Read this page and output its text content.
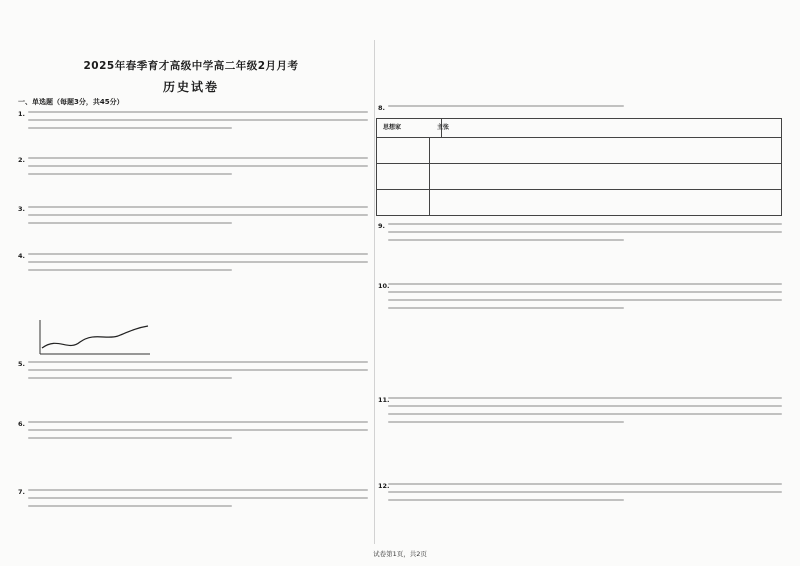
2025年春季育才高级中学高二年级2月月考
历史试卷
一、单选题（每题3分，共45分）
1.
2.
3.
4.
5.
6.
7.
8.
思想家	主张
9.
10.
11.
12.
试卷第1页，共2页
